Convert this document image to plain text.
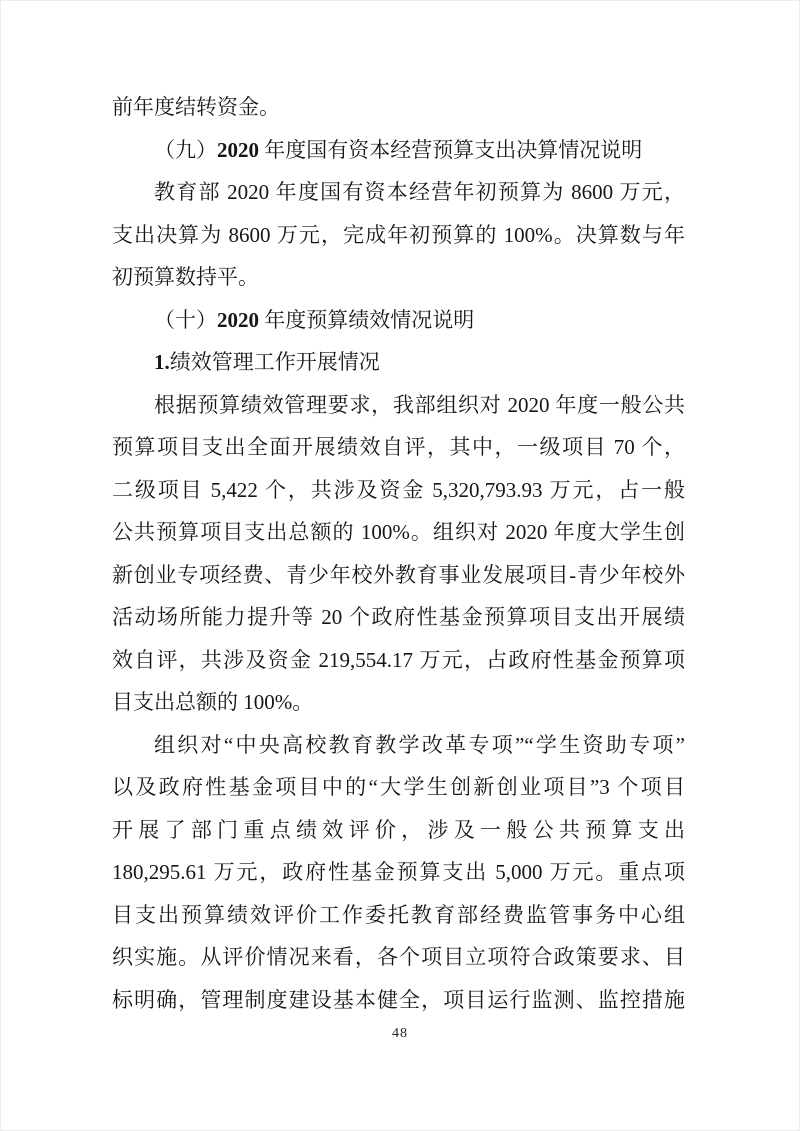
前年度结转资金。
（九）2020 年度国有资本经营预算支出决算情况说明
教育部 2020 年度国有资本经营年初预算为 8600 万元，
支出决算为 8600 万元，完成年初预算的 100%。决算数与年
初预算数持平。
（十）2020 年度预算绩效情况说明
1.绩效管理工作开展情况
根据预算绩效管理要求，我部组织对 2020 年度一般公共
预算项目支出全面开展绩效自评，其中，一级项目 70 个，
二级项目 5,422 个，共涉及资金 5,320,793.93 万元，占一般
公共预算项目支出总额的 100%。组织对 2020 年度大学生创
新创业专项经费、青少年校外教育事业发展项目-青少年校外
活动场所能力提升等 20 个政府性基金预算项目支出开展绩
效自评，共涉及资金 219,554.17 万元，占政府性基金预算项
目支出总额的 100%。
组织对“中央高校教育教学改革专项”“学生资助专项”
以及政府性基金项目中的“大学生创新创业项目”3 个项目
开展了部门重点绩效评价，涉及一般公共预算支出
180,295.61 万元，政府性基金预算支出 5,000 万元。重点项
目支出预算绩效评价工作委托教育部经费监管事务中心组
织实施。从评价情况来看，各个项目立项符合政策要求、目
标明确，管理制度建设基本健全，项目运行监测、监控措施
48
